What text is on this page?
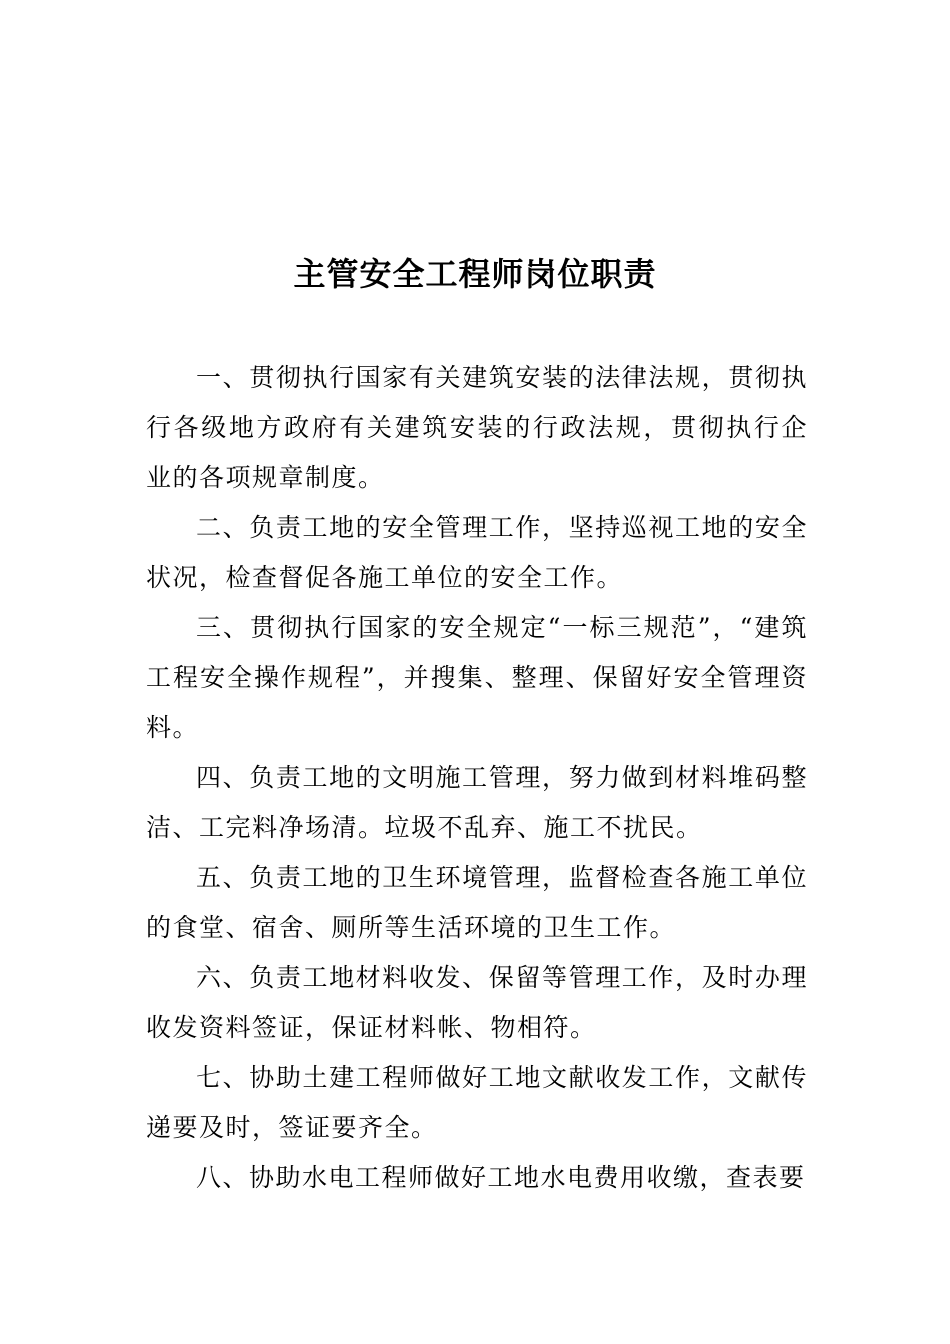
主管安全工程师岗位职责

一、贯彻执行国家有关建筑安装的法律法规，贯彻执行各级地方政府有关建筑安装的行政法规，贯彻执行企业的各项规章制度。

二、负责工地的安全管理工作，坚持巡视工地的安全状况，检查督促各施工单位的安全工作。

三、贯彻执行国家的安全规定“一标三规范”，“建筑工程安全操作规程”，并搜集、整理、保留好安全管理资料。

四、负责工地的文明施工管理，努力做到材料堆码整洁、工完料净场清。垃圾不乱弃、施工不扰民。

五、负责工地的卫生环境管理，监督检查各施工单位的食堂、宿舍、厕所等生活环境的卫生工作。

六、负责工地材料收发、保留等管理工作，及时办理收发资料签证，保证材料帐、物相符。

七、协助土建工程师做好工地文献收发工作，文献传递要及时，签证要齐全。

八、协助水电工程师做好工地水电费用收缴，查表要
